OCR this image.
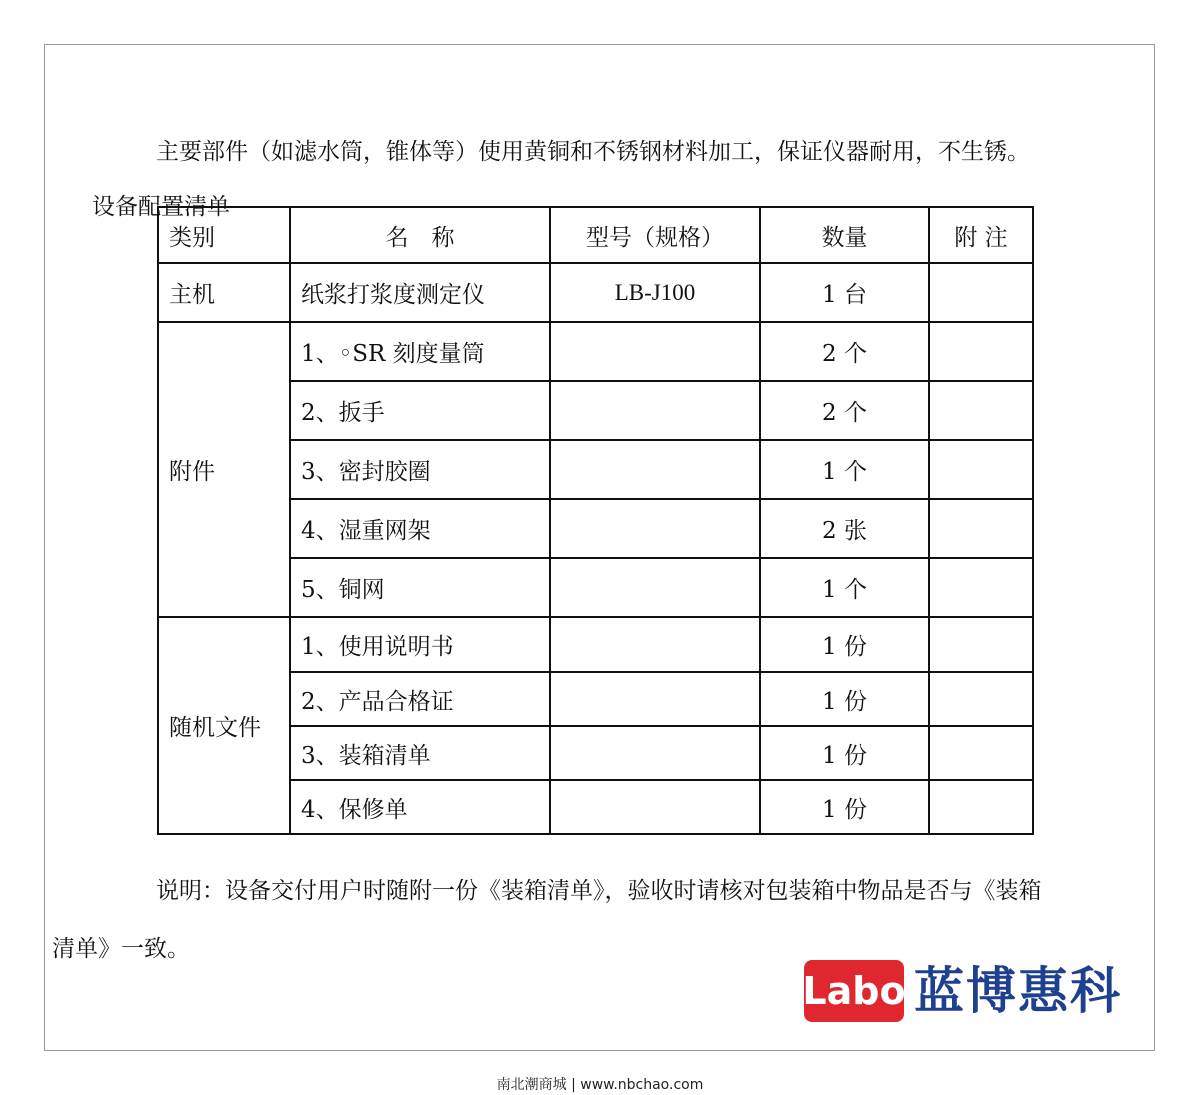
主要部件（如滤水筒，锥体等）使用黄铜和不锈钢材料加工，保证仪器耐用，不生锈。

设备配置清单

类别	名　称	型号（规格）	数量	附 注
主机	纸浆打浆度测定仪	LB-J100	1 台	
附件	1、◦SR 刻度量筒		2 个	
	2、扳手		2 个	
	3、密封胶圈		1 个	
	4、湿重网架		2 张	
	5、铜网		1 个	
随机文件	1、使用说明书		1 份	
	2、产品合格证		1 份	
	3、装箱清单		1 份	
	4、保修单		1 份	

说明：设备交付用户时随附一份《装箱清单》，验收时请核对包装箱中物品是否与《装箱

清单》一致。

Labo 蓝博惠科
南北潮商城 | www.nbchao.com
